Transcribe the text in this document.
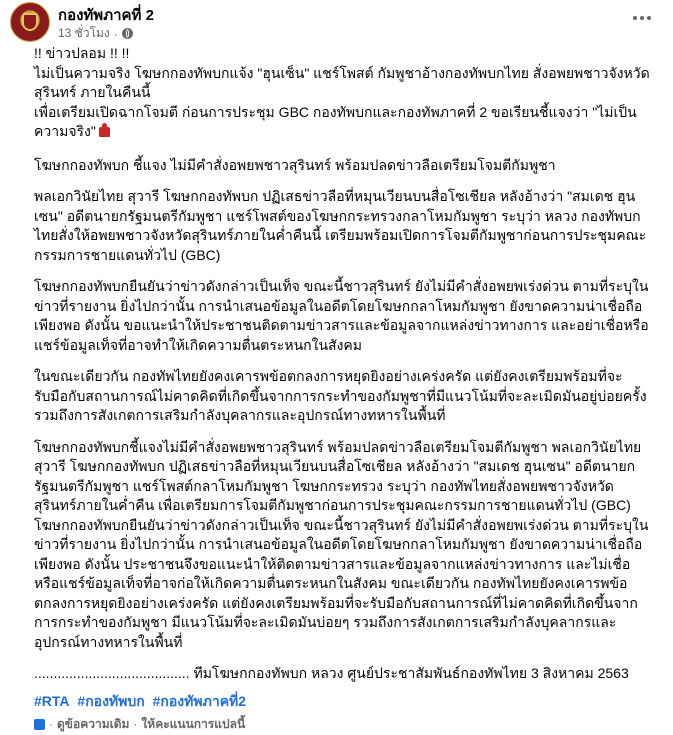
กองทัพภาคที่ 2
13 ชั่วโมง ·

!! ข่าวปลอม !! !!

ไม่เป็นความจริง โฆษกกองทัพบกแจ้ง "ฮุนเซ็น" แชร์โพสต์ กัมพูชาอ้างกองทัพบกไทย สั่งอพยพชาวจังหวัดสุรินทร์ ภายในคืนนี้
เพื่อเตรียมเปิดฉากโจมตี ก่อนการประชุม GBC กองทัพบกและกองทัพภาคที่ 2 ขอเรียนชี้แจงว่า "ไม่เป็นความจริง"

โฆษกกองทัพบก ชี้แจง ไม่มีคำสั่งอพยพชาวสุรินทร์ พร้อมปลดข่าวลือเตรียมโจมตีกัมพูชา

พลเอกวินัยไทย สุวารี โฆษกกองทัพบก ปฏิเสธข่าวลือที่หมุนเวียนบนสื่อโซเชียล หลังอ้างว่า "สมเดช ฮุนเซน" อดีตนายกรัฐมนตรีกัมพูชา แชร์โพสต์ของโฆษกกระทรวงกลาโหมกัมพูชา ระบุว่า หลวง กองทัพบกไทยสั่งให้อพยพชาวจังหวัดสุรินทร์ภายในค่ำคืนนี้ เตรียมพร้อมเปิดการโจมตีกัมพูชาก่อนการประชุมคณะกรรมการชายแดนทั่วไป (GBC)

โฆษกกองทัพบกยืนยันว่าข่าวดังกล่าวเป็นเท็จ ขณะนี้ชาวสุรินทร์ ยังไม่มีคำสั่งอพยพเร่งด่วน ตามที่ระบุในข่าวที่รายงาน ยิ่งไปกว่านั้น การนำเสนอข้อมูลในอดีตโดยโฆษกกลาโหมกัมพูชา ยังขาดความน่าเชื่อถือเพียงพอ ดังนั้น ขอแนะนำให้ประชาชนติดตามข่าวสารและข้อมูลจากแหล่งข่าวทางการ และอย่าเชื่อหรือแชร์ข้อมูลเท็จที่อาจทำให้เกิดความตื่นตระหนกในสังคม

ในขณะเดียวกัน กองทัพไทยยังคงเคารพข้อตกลงการหยุดยิงอย่างเคร่งครัด แต่ยังคงเตรียมพร้อมที่จะรับมือกับสถานการณ์ไม่คาดคิดที่เกิดขึ้นจากการกระทำของกัมพูชาที่มีแนวโน้มที่จะละเมิดมันอยู่บ่อยครั้ง รวมถึงการสังเกตการเสริมกำลังบุคลากรและอุปกรณ์ทางทหารในพื้นที่

โฆษกกองทัพบกชี้แจงไม่มีคำสั่งอพยพชาวสุรินทร์ พร้อมปลดข่าวลือเตรียมโจมตีกัมพูชา พลเอกวินัยไทย สุวารี โฆษกกองทัพบก ปฏิเสธข่าวลือที่หมุนเวียนบนสื่อโซเชียล หลังอ้างว่า "สมเดช ฮุนเซน" อดีตนายกรัฐมนตรีกัมพูชา แชร์โพสต์กลาโหมกัมพูชา โฆษกกระทรวง ระบุว่า กองทัพไทยสั่งอพยพชาวจังหวัดสุรินทร์ภายในค่ำคืน เพื่อเตรียมการโจมตีกัมพูชาก่อนการประชุมคณะกรรมการชายแดนทั่วไป (GBC)
โฆษกกองทัพบกยืนยันว่าข่าวดังกล่าวเป็นเท็จ ขณะนี้ชาวสุรินทร์ ยังไม่มีคำสั่งอพยพเร่งด่วน ตามที่ระบุในข่าวที่รายงาน ยิ่งไปกว่านั้น การนำเสนอข้อมูลในอดีตโดยโฆษกกลาโหมกัมพูชา ยังขาดความน่าเชื่อถือเพียงพอ ดังนั้น ประชาชนจึงขอแนะนำให้ติดตามข่าวสารและข้อมูลจากแหล่งข่าวทางการ และไม่เชื่อหรือแชร์ข้อมูลเท็จที่อาจก่อให้เกิดความตื่นตระหนกในสังคม ขณะเดียวกัน กองทัพไทยยังคงเคารพข้อตกลงการหยุดยิงอย่างเคร่งครัด แต่ยังคงเตรียมพร้อมที่จะรับมือกับสถานการณ์ที่ไม่คาดคิดที่เกิดขึ้นจากการกระทำของกัมพูชา มีแนวโน้มที่จะละเมิดมันบ่อยๆ รวมถึงการสังเกตการเสริมกำลังบุคลากรและอุปกรณ์ทางทหารในพื้นที่

........................................ ทีมโฆษกกองทัพบก หลวง ศูนย์ประชาสัมพันธ์กองทัพไทย 3 สิงหาคม 2563
#RTA #กองทัพบก #กองทัพภาคที่2
· ดูข้อความเดิม · ให้คะแนนการแปลนี้
